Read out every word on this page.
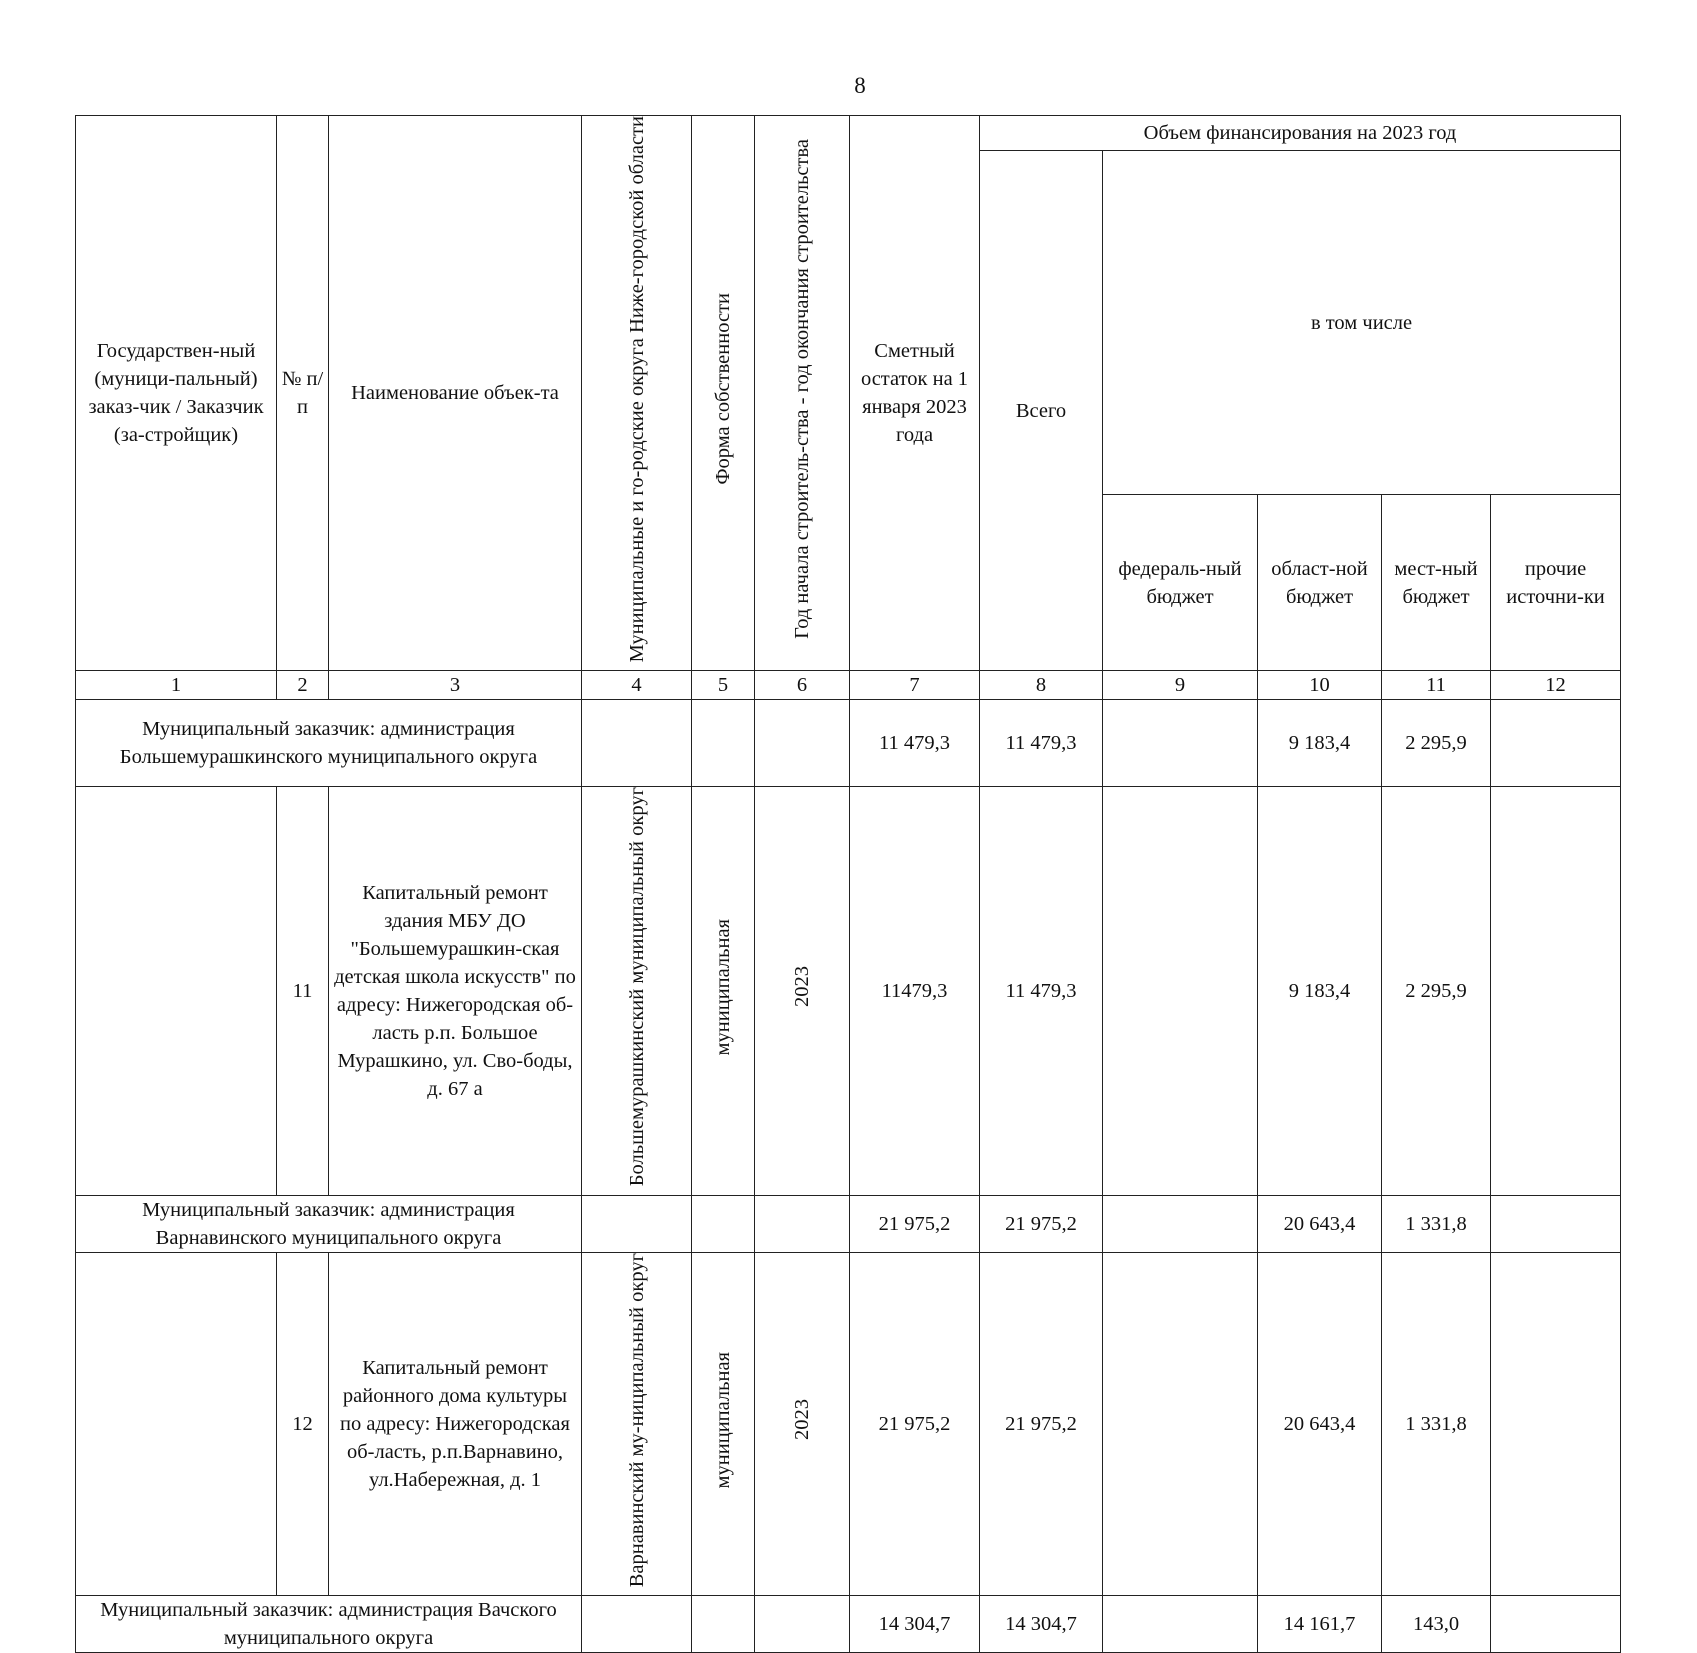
8
Государствен-ный (муници-пальный) заказ-чик / Заказчик (за-стройщик)	№ п/п	Наименование объек-та	Муниципальные и го-родские округа Ниже-городской области	Форма собственности	Год начала строитель-ства - год окончания строительства	Сметный остаток на 1 января 2023 года	Объем финансирования на 2023 год				
							Всего	в том числе			
								федераль-ный бюджет	област-ной бюджет	мест-ный бюджет	прочие источни-ки
1	2	3	4	5	6	7	8	9	10	11	12
Муниципальный заказчик: администрация Большемурашкинского муниципального округа						11 479,3	11 479,3		9 183,4	2 295,9	
	11	Капитальный ремонт здания МБУ ДО "Большемурашкин-ская детская школа искусств" по адресу: Нижегородская об-ласть р.п. Большое Мурашкино, ул. Сво-боды, д. 67 а	Большемурашкинский муниципальный округ	муниципальная	2023	11479,3	11 479,3		9 183,4	2 295,9	
Муниципальный заказчик: администрация Варнавинского муниципального округа						21 975,2	21 975,2		20 643,4	1 331,8	
	12	Капитальный ремонт районного дома культуры по адресу: Нижегородская об-ласть, р.п.Варнавино, ул.Набережная, д. 1	Варнавинский му-ниципальный округ	муниципальная	2023	21 975,2	21 975,2		20 643,4	1 331,8	
Муниципальный заказчик: администрация Вачского муниципального округа						14 304,7	14 304,7		14 161,7	143,0	
